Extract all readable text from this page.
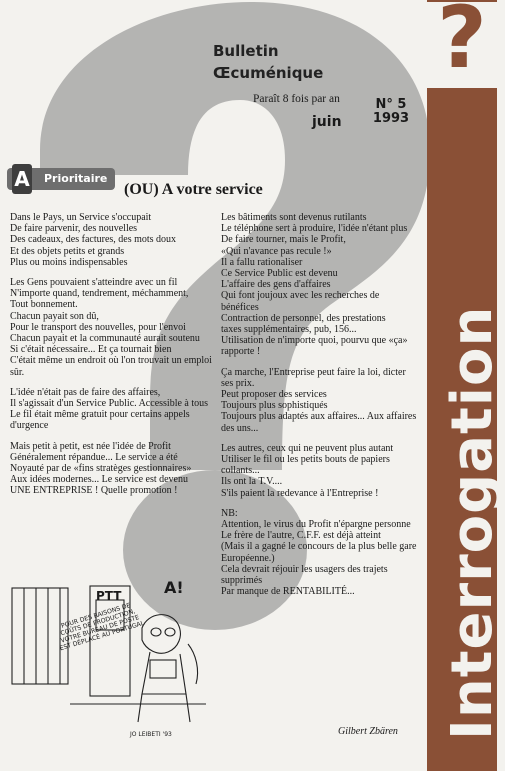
?
Interrogation
Bulletin
Œcuménique
Paraît 8 fois par an
juin
N° 5
1993
A Prioritaire
(OU) A votre service

Dans le Pays, un Service s'occupait
De faire parvenir, des nouvelles
Des cadeaux, des factures, des mots doux
Et des objets petits et grands
Plus ou moins indispensables

Les Gens pouvaient s'atteindre avec un fil
N'importe quand, tendrement, méchamment,
Tout bonnement.
Chacun payait son dû,
Pour le transport des nouvelles, pour l'envoi
Chacun payait et la communauté aurait soutenu
Si c'était nécessaire... Et ça tournait bien
C'était même un endroit où l'on trouvait un emploi sûr.

L'idée n'était pas de faire des affaires,
Il s'agissait d'un Service Public. Accessible à tous
Le fil était même gratuit pour certains appels d'urgence

Mais petit à petit, est née l'idée de Profit
Généralement répandue... Le service a été
Noyauté par de «fins stratèges gestionnaires»
Aux idées modernes... Le service est devenu
UNE ENTREPRISE ! Quelle promotion !

Les bâtiments sont devenus rutilants
Le téléphone sert à produire, l'idée n'étant plus
De faire tourner, mais le Profit,
«Qui n'avance pas recule !»
Il a fallu rationaliser
Ce Service Public est devenu
L'affaire des gens d'affaires
Qui font joujoux avec les recherches de bénéfices
Contraction de personnel, des prestations
taxes supplémentaires, pub, 156...
Utilisation de n'importe quoi, pourvu que «ça» rapporte !

Ça marche, l'Entreprise peut faire la loi, dicter ses prix.
Peut proposer des services
Toujours plus sophistiqués
Toujours plus adaptés aux affaires... Aux affaires des uns...

Les autres, ceux qui ne peuvent plus autant
Utiliser le fil ou les petits bouts de papiers collants...
Ils ont la T.V....
S'ils paient la redevance à l'Entreprise !

NB:
Attention, le virus du Profit n'épargne personne
Le frère de l'autre, C.F.F. est déjà atteint
(Mais il a gagné le concours de la plus belle gare Européenne.)
Cela devrait réjouir les usagers des trajets supprimés
Par manque de RENTABILITÉ...

POUR DES RAISONS DE COÛTS DE PRODUCTION, VOTRE BUREAU DE POSTE EST DÉPLACÉ AU PORTUGAL
PTT	A!
JO LEIBETI '93	Gilbert Zbären
